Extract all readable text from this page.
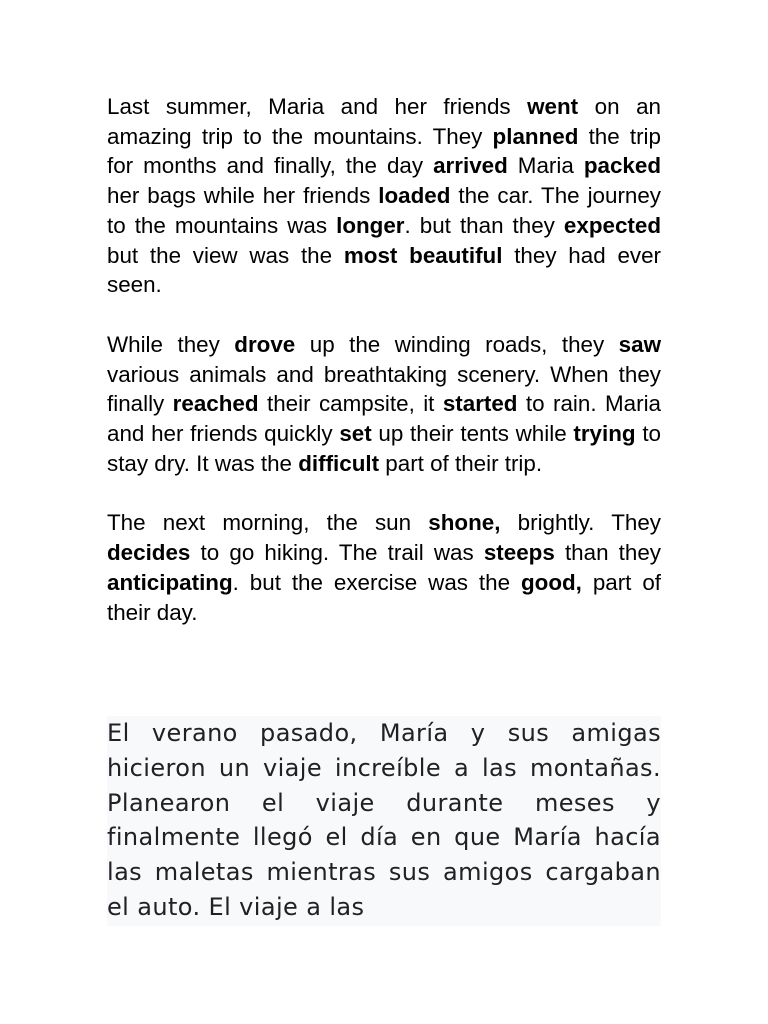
Last summer, Maria and her friends went on an amazing trip to the mountains. They planned the trip for months and finally, the day arrived Maria packed her bags while her friends loaded the car. The journey to the mountains was longer. but than they expected but the view was the most beautiful they had ever seen.

While they drove up the winding roads, they saw various animals and breathtaking scenery. When they finally reached their campsite, it started to rain. Maria and her friends quickly set up their tents while trying to stay dry. It was the difficult part of their trip.

The next morning, the sun shone, brightly. They decides to go hiking. The trail was steeps than they anticipating. but the exercise was the good, part of their day.

El verano pasado, María y sus amigas hicieron un viaje increíble a las montañas. Planearon el viaje durante meses y finalmente llegó el día en que María hacía las maletas mientras sus amigos cargaban el auto. El viaje a las
